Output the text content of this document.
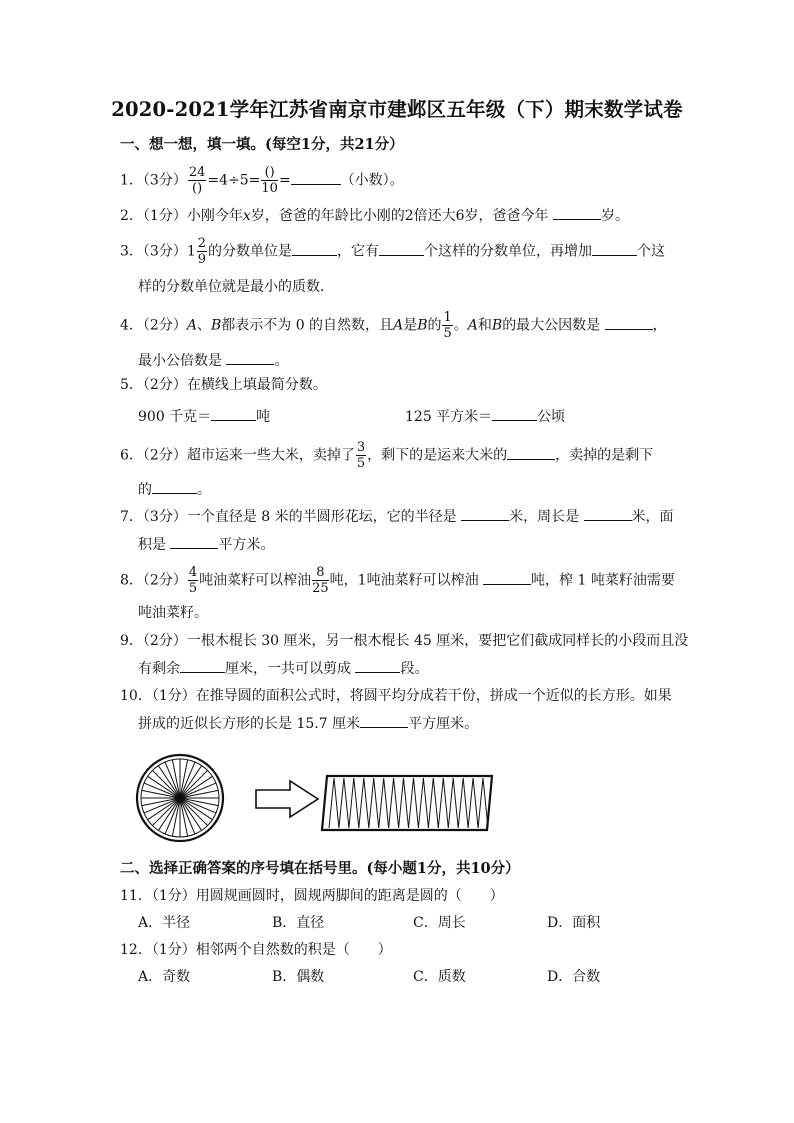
2020-2021学年江苏省南京市建邺区五年级（下）期末数学试卷
一、想一想，填一填。(每空1分，共21分）
1．（3分） $\frac{24}{()} =4\div 5= \frac{()}{10}$ =	（小数）。
2．（1分）小刚今年x岁，爸爸的年龄比小刚的2倍还大6岁，爸爸今年	岁。
3．（3分）$1 \frac{2}{9}$ 的分数单位是	，它有	个这样的分数单位，再增加	个这
样的分数单位就是最小的质数．
4．（2分）A、B都表示不为 0 的自然数，且A是B的 $\frac{1}{5}$ 。A和B的最大公因数是	，
最小公倍数是	。
5．（2分）在横线上填最简分数。
900 千克＝	吨	125 平方米＝	公顷
6．（2分）超市运来一些大米，卖掉了 $\frac{3}{5}$ ，剩下的是运来大米的	，卖掉的是剩下
的	。
7．（3分）一个直径是 8 米的半圆形花坛，它的半径是	米，周长是	米，面
积是	平方米。
8．（2分） $\frac{4}{5}$ 吨油菜籽可以榨油 $\frac{8}{25}$ 吨，1吨油菜籽可以榨油	吨，榨 1 吨菜籽油需要
吨油菜籽。
9．（2分）一根木棍长 30 厘米，另一根木棍长 45 厘米，要把它们截成同样长的小段而且没
有剩余	厘米，一共可以剪成	段。
10．（1分）在推导圆的面积公式时，将圆平均分成若干份，拼成一个近似的长方形。如果
拼成的近似长方形的长是 15.7 厘米	平方厘米。
二、选择正确答案的序号填在括号里。(每小题1分，共10分）
11．（1分）用圆规画圆时，圆规两脚间的距离是圆的（　　）
A．半径	B．直径	C．周长	D．面积
12．（1分）相邻两个自然数的积是（　　）
A．奇数	B．偶数	C．质数	D．合数
